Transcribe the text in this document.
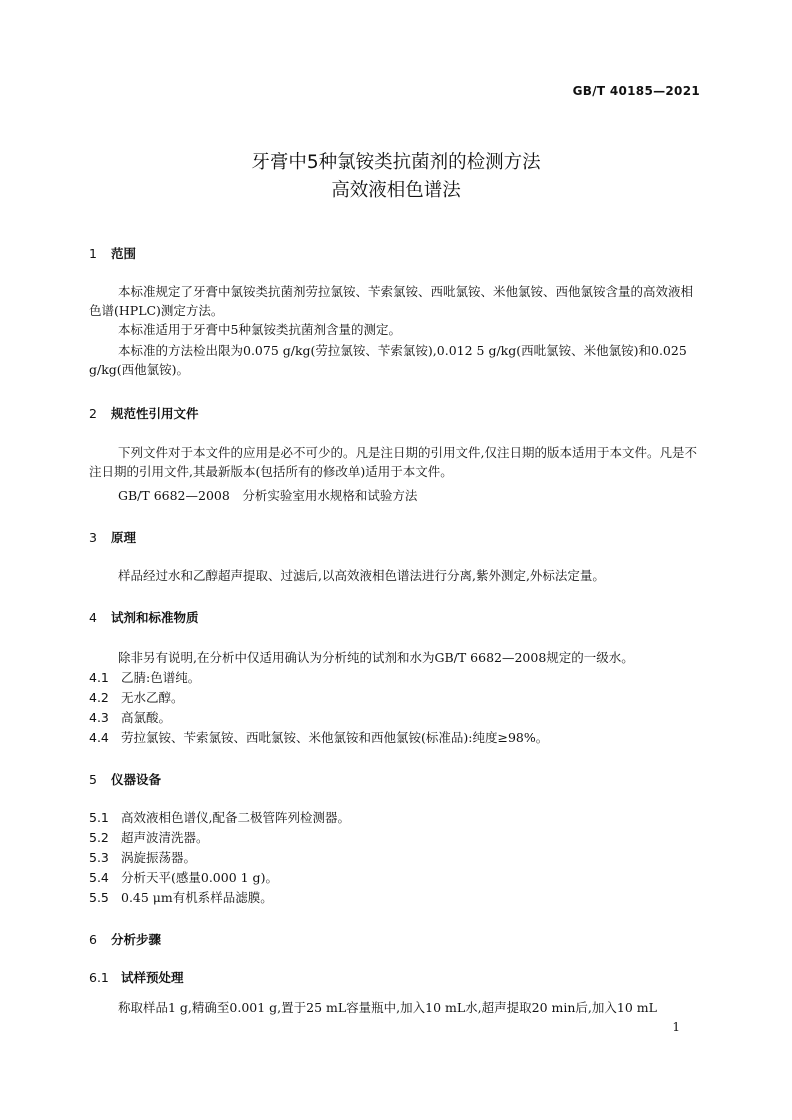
GB/T 40185—2021
牙膏中5种氯铵类抗菌剂的检测方法
高效液相色谱法
1 范围
本标准规定了牙膏中氯铵类抗菌剂劳拉氯铵、苄索氯铵、西吡氯铵、米他氯铵、西他氯铵含量的高效液相色谱(HPLC)测定方法。
本标准适用于牙膏中5种氯铵类抗菌剂含量的测定。
本标准的方法检出限为0.075 g/kg(劳拉氯铵、苄索氯铵),0.012 5 g/kg(西吡氯铵、米他氯铵)和0.025 g/kg(西他氯铵)。
2 规范性引用文件
下列文件对于本文件的应用是必不可少的。凡是注日期的引用文件,仅注日期的版本适用于本文件。凡是不注日期的引用文件,其最新版本(包括所有的修改单)适用于本文件。
GB/T 6682—2008　分析实验室用水规格和试验方法
3 原理
样品经过水和乙醇超声提取、过滤后,以高效液相色谱法进行分离,紫外测定,外标法定量。
4 试剂和标准物质
除非另有说明,在分析中仅适用确认为分析纯的试剂和水为GB/T 6682—2008规定的一级水。
4.1 乙腈:色谱纯。
4.2 无水乙醇。
4.3 高氯酸。
4.4 劳拉氯铵、苄索氯铵、西吡氯铵、米他氯铵和西他氯铵(标准品):纯度≥98%。
5 仪器设备
5.1 高效液相色谱仪,配备二极管阵列检测器。
5.2 超声波清洗器。
5.3 涡旋振荡器。
5.4 分析天平(感量0.000 1 g)。
5.5 0.45 μm有机系样品滤膜。
6 分析步骤
6.1 试样预处理
称取样品1 g,精确至0.001 g,置于25 mL容量瓶中,加入10 mL水,超声提取20 min后,加入10 mL
1
